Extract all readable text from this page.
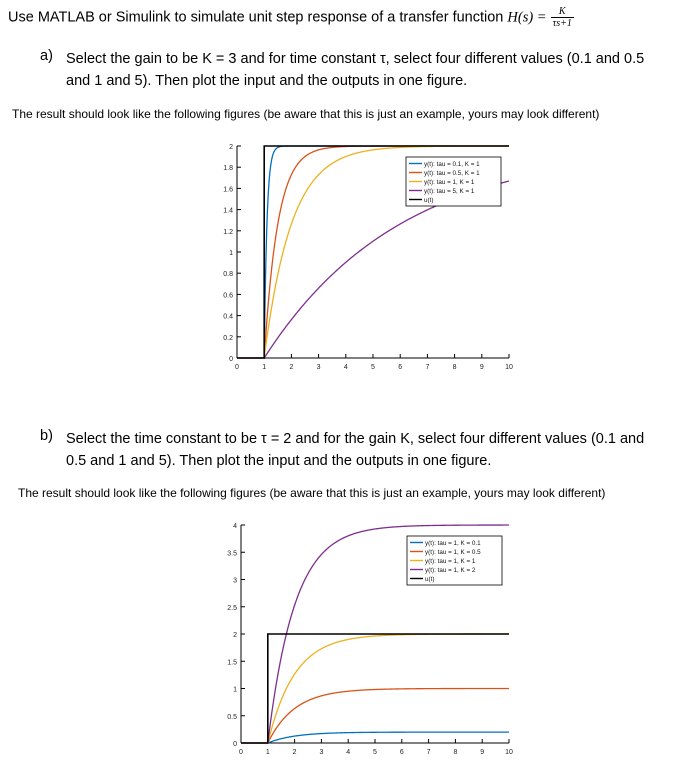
Use MATLAB or Simulink to simulate unit step response of a transfer function $H(s) = \frac{K}{\tau s+1}$
a) Select the gain to be K = 3 and for time constant τ, select four different values (0.1 and 0.5
and 1 and 5). Then plot the input and the outputs in one figure.
The result should look like the following figures (be aware that this is just an example, yours may look different)
0
0.2
0.4
0.6
0.8
1
1.2
1.4
1.6
1.8
2
0	1	2	3	4	5	6	7	8	9	10
y(t): tau = 0.1, K = 1
y(t): tau = 0.5, K = 1
y(t): tau = 1, K = 1
y(t): tau = 5, K = 1
u(t)
b) Select the time constant to be τ = 2 and for the gain K, select four different values (0.1 and
0.5 and 1 and 5). Then plot the input and the outputs in one figure.
The result should look like the following figures (be aware that this is just an example, yours may look different)
0
0.5
1
1.5
2
2.5
3
3.5
4
0	1	2	3	4	5	6	7	8	9	10
y(t): tau = 1, K = 0.1
y(t): tau = 1, K = 0.5
y(t): tau = 1, K = 1
y(t): tau = 1, K = 2
u(t)
